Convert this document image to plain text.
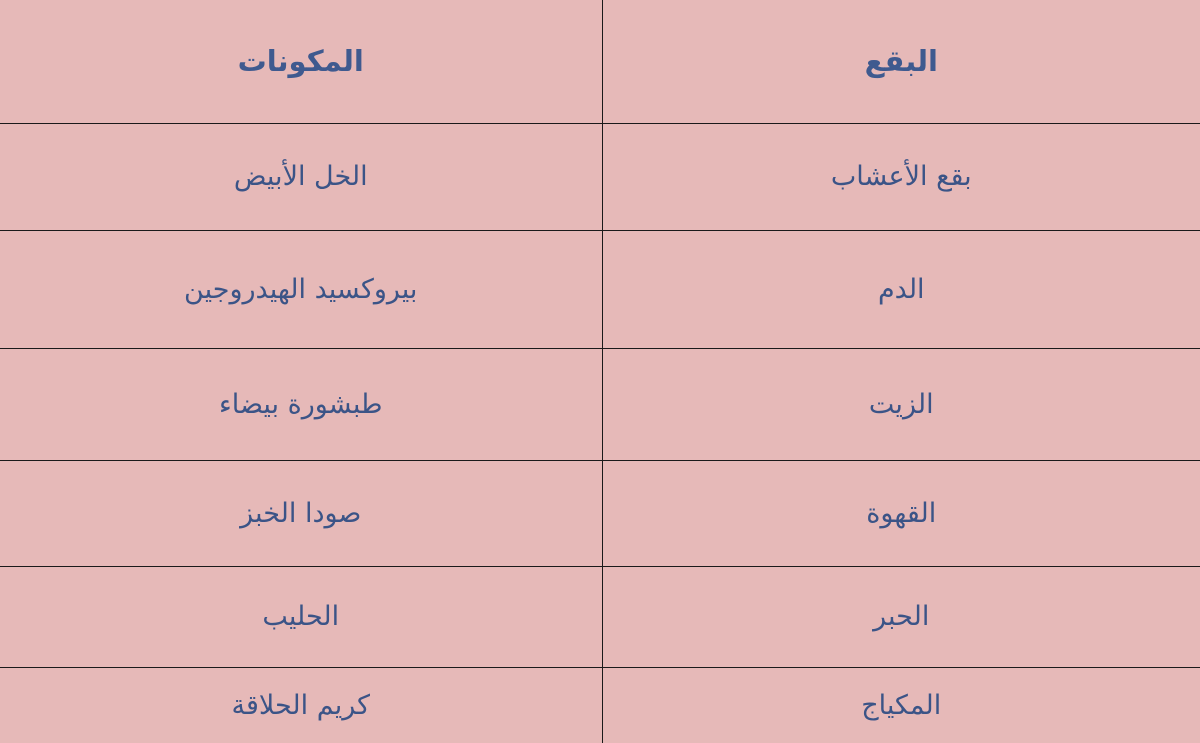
البقع	المكونات
بقع الأعشاب	الخل الأبيض
الدم	بيروكسيد الهيدروجين
الزيت	طبشورة بيضاء
القهوة	صودا الخبز
الحبر	الحليب
المكياج	كريم الحلاقة
